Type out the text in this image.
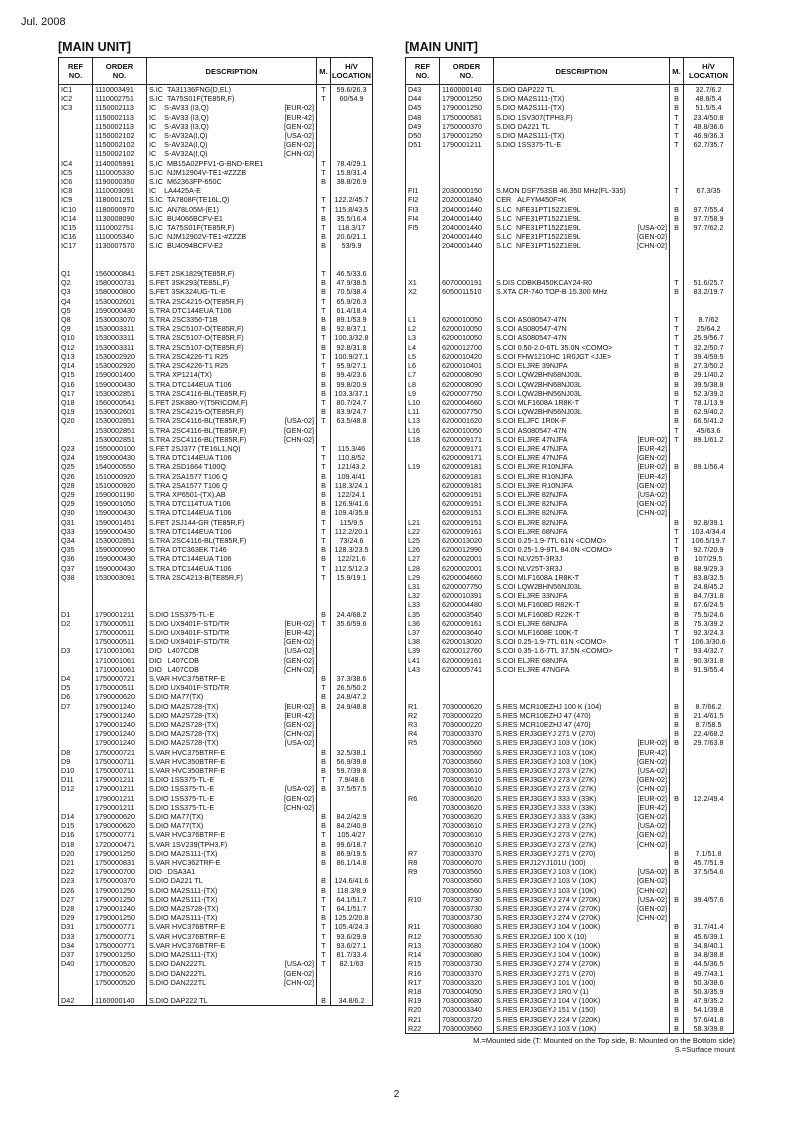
Jul. 2008
[MAIN UNIT]
REF
NO.	ORDER
NO.	DESCRIPTION	M.	H/V
LOCATION
IC1	1110003491	S.IC  TA31136FNG(D,EL)	T	59.6/26.3
IC2	1110002751	S.IC  TA75S01F(TE85R,F)	T	60/54.9
IC3	1150002113	IC    S-AV33 (I3,Q) [EUR-02]		

	1150002113	IC    S-AV33 (I3,Q) [EUR-42]		

	1150002113	IC    S-AV33 (I3,Q) [GEN-02]		

	1150002102	IC    S-AV32A(I,Q) [USA-02]		

	1150002102	IC    S-AV32A(I,Q) [GEN-02]		

	1150002102	IC    S-AV32A(I,Q) [CHN-02]		

IC4	1140005991	S.IC  MB15A02PFV1-G-BND-ERE1	T	78.4/29.1
IC5	1110005330	S.IC  NJM12904V-TE1-#ZZZB	T	15.8/31.4
IC6	1190000350	S.IC  M62363FP-650C	B	38.8/26.9
IC8	1110003091	IC    LA4425A-E		

IC9	1180001251	S.IC  TA7808F(TE16L,Q)	T	122.2/45.7
IC10	1180000970	S.IC  AN78L05M-(E1)	T	115.8/43.5
IC14	1130008090	S.IC  BU4066BCFV-E1	B	35.5/16.4
IC15	1110002751	S.IC  TA75S01F(TE85R,F)	T	118.3/17
IC16	1110005340	S.IC  NJM12902V-TE1-#ZZZB	B	20.6/21.1
IC17	1130007570	S.IC  BU4094BCFV-E2	B	53/9.9

Q1	1560000841	S.FET 2SK1829(TE85R,F)	T	46.5/33.6
Q2	1580000731	S.FET 3SK293(TE85L,F)	B	47.9/38.5
Q3	1580000800	S.FET 3SK324UG-TL-E	B	70.5/38.4
Q4	1530002601	S.TRA 2SC4215-O(TE85R,F)	T	65.9/26.3
Q5	1590000430	S.TRA DTC144EUA T106	T	61.4/18.4
Q8	1530003070	S.TRA 2SC3356-T1B	B	89.1/53.9
Q9	1530003311	S.TRA 2SC5107-O(TE85R,F)	B	92.8/37.1
Q10	1530003311	S.TRA 2SC5107-O(TE85R,F)	T	100.3/32.8
Q12	1530003311	S.TRA 2SC5107-O(TE85R,F)	B	92.8/31.8
Q13	1530002920	S.TRA 2SC4226-T1 R25	T	100.9/27.1
Q14	1530002920	S.TRA 2SC4226-T1 R25	T	95.9/27.1
Q15	1590001400	S.TRA XP1214(TX)	B	99.4/23.6
Q16	1590000430	S.TRA DTC144EUA T106	B	99.8/20.9
Q17	1530002851	S.TRA 2SC4116-BL(TE85R,F)	B	103.3/37.1
Q18	1560000541	S.FET 2SK880-Y(T5RICOM,F)	T	80.7/24.7
Q19	1530002601	S.TRA 2SC4215-O(TE85R,F)	B	83.9/24.7
Q20	1530002851	S.TRA 2SC4116-BL(TE85R,F) [USA-02]	T	63.5/48.8
	1530002851	S.TRA 2SC4116-BL(TE85R,F) [GEN-02]		

	1530002851	S.TRA 2SC4116-BL(TE85R,F) [CHN-02]		

Q23	1550000100	S.FET 2SJ377 (TE16L1,NQ)	T	115.3/46
Q24	1590000430	S.TRA DTC144EUA T106	T	110.8/52
Q25	1540000550	S.TRA 2SD1664 T100Q	T	121/43.2
Q26	1510000920	S.TRA 2SA1577 T106 Q	B	109.4/41
Q28	1510000920	S.TRA 2SA1577 T106 Q	B	118.3/24.1
Q29	1590001190	S.TRA XP6501-(TX).AB	B	122/24.1
Q29	1590001050	S.TRA DTC114TUA T106	B	126.9/41.6
Q30	1590000430	S.TRA DTC144EUA T106	B	109.4/35.8
Q31	1590001451	S.FET 2SJ144-GR (TE85R,F)	T	115/9.5
Q33	1590000430	S.TRA DTC144EUA T106	T	112.2/20.1
Q34	1530002851	S.TRA 2SC4116-BL(TE85R,F)	T	73/24.6
Q35	1590000990	S.TRA DTC363EK T146	B	128.3/23.5
Q36	1590000430	S.TRA DTC144EUA T106	B	122/21.6
Q37	1590000430	S.TRA DTC144EUA T106	T	112.5/12.3
Q38	1530003091	S.TRA 2SC4213-B(TE85R,F)	T	15.9/19.1

D1	1790001211	S.DIO 1SS375-TL-E	B	24.4/68.2
D2	1750000511	S.DIO UX9401F-STD/TR [EUR-02]	T	35.6/59.6
	1750000511	S.DIO UX9401F-STD/TR [EUR-42]		

	1750000511	S.DIO UX9401F-STD/TR [GEN-02]		

D3	1710001061	DIO   L407CDB [USA-02]		

	1710001061	DIO   L407CDB [GEN-02]		

	1710001061	DIO   L407CDB [CHN-02]		

D4	1750000721	S.VAR HVC375BTRF-E	B	37.3/38.6
D5	1750000511	S.DIO UX9401F-STD/TR	T	26.5/50.2
D6	1790000620	S.DIO MA77(TX)	B	24.8/47.2
D7	1790001240	S.DIO MA2S728-(TX) [EUR-02]	B	24.9/48.8
	1790001240	S.DIO MA2S728-(TX) [EUR-42]		

	1790001240	S.DIO MA2S728-(TX) [GEN-02]		

	1790001240	S.DIO MA2S728-(TX) [CHN-02]		

	1790001240	S.DIO MA2S728-(TX) [USA-02]		

D8	1750000721	S.VAR HVC375BTRF-E	B	32.5/38.1
D9	1750000711	S.VAR HVC350BTRF-E	B	56.9/39.8
D10	1750000711	S.VAR HVC350BTRF-E	B	59.7/39.8
D11	1790001211	S.DIO 1SS375-TL-E	T	7.9/48.6
D12	1790001211	S.DIO 1SS375-TL-E [USA-02]	B	37.5/57.5
	1790001211	S.DIO 1SS375-TL-E [GEN-02]		

	1790001211	S.DIO 1SS375-TL-E [CHN-02]		

D14	1790000620	S.DIO MA77(TX)	B	84.2/42.9
D15	1790000620	S.DIO MA77(TX)	B	84.2/40.9
D16	1750000771	S.VAR HVC376BTRF-E	T	105.4/27
D18	1720000471	S.VAR 1SV239(TPH3,F)	B	99.6/18.7
D20	1790001250	S.DIO MA2S111-(TX)	B	86.9/19.5
D21	1750000831	S.VAR HVC362TRF-E	B	86.1/14.8
D22	1790000700	DIO   DSA3A1		

D23	1750000370	S.DIO DA221 TL	B	124.6/41.6
D26	1790001250	S.DIO MA2S111-(TX)	B	118.3/8.9
D27	1790001250	S.DIO MA2S111-(TX)	T	64.1/51.7
D28	1790001240	S.DIO MA2S728-(TX)	T	64.1/51.7
D29	1790001250	S.DIO MA2S111-(TX)	B	125.2/20.8
D31	1750000771	S.VAR HVC376BTRF-E	T	105.4/24.3
D33	1750000771	S.VAR HVC376BTRF-E	T	93.6/29.9
D34	1750000771	S.VAR HVC376BTRF-E	T	93.6/27.1
D37	1790001250	S.DIO MA2S111-(TX)	T	81.7/33.4
D40	1750000520	S.DIO DAN222TL [USA-02]	T	82.1/63
	1750000520	S.DIO DAN222TL [GEN-02]		

	1750000520	S.DIO DAN222TL [CHN-02]		

D42	1160000140	S.DIO DAP222 TL	B	34.8/6.2
[MAIN UNIT]
REF
NO.	ORDER
NO.	DESCRIPTION	M.	H/V
LOCATION
D43	1160000140	S.DIO DAP222 TL	B	32.7/6.2
D44	1790001250	S.DIO MA2S111-(TX)	B	48.8/5.4
D45	1790001250	S.DIO MA2S111-(TX)	B	51.5/5.4
D48	1750000581	S.DIO 1SV307(TPH3,F)	T	23.4/50.8
D49	1750000370	S.DIO DA221 TL	T	48.8/36.6
D50	1790001250	S.DIO MA2S111-(TX)	T	46.9/36.3
D51	1790001211	S.DIO 1SS375-TL-E	T	62.7/35.7

FI1	2030000150	S.MON DSF753SB 46.350 MHz(FL-335)	T	67.3/35
FI2	2020001840	CER   ALFYM450F=K		

FI3	2040001440	S.LC  NFE31PT152Z1E9L	B	97.7/55.4
FI4	2040001440	S.LC  NFE31PT152Z1E9L	B	97.7/58.9
FI5	2040001440	S.LC  NFE31PT152Z1E9L [USA-02]	B	97.7/62.2
	2040001440	S.LC  NFE31PT152Z1E9L [GEN-02]		

	2040001440	S.LC  NFE31PT152Z1E9L [CHN-02]		

X1	6070000191	S.DIS CDBKB450KCAY24-R0	T	51.6/25.7
X2	6050011510	S.XTA CR-740 TOP-B 15.300 MHz	B	83.2/19.7

L1	6200010050	S.COI AS080547-47N	T	8.7/62
L2	6200010050	S.COI AS080547-47N	T	25/64.2
L3	6200010050	S.COI AS080547-47N	T	25.9/56.7
L4	6200012700	S.COI 0.50-2.0-6TL 35.0N <COMO>	T	32.2/50.7
L5	6200010420	S.COI FHW1210HC 1R0JGT <JJE>	T	39.4/59.5
L6	6200010401	S.COI ELJRE 39NJFA	B	27.3/50.2
L7	6200008090	S.COI LQW2BHN68NJ03L	B	29.1/40.2
L8	6200008090	S.COI LQW2BHN68NJ03L	B	39.5/38.8
L9	6200007750	S.COI LQW2BHN56NJ03L	B	52.3/39.2
L10	6200004660	S.COI MLF1608A 1R8K-T	T	78.1/13.9
L11	6200007750	S.COI LQW2BHN56NJ03L	B	62.9/40.2
L13	6200001620	S.COI ELJFC 1R0K-F	B	66.5/41.2
L16	6200010050	S.COI AS080547-47N	T	45/63.6
L18	6200009171	S.COI ELJRE 47NJFA [EUR-02]	T	89.1/61.2
	6200009171	S.COI ELJRE 47NJFA [EUR-42]		

	6200009171	S.COI ELJRE 47NJFA [GEN-02]		

L19	6200009181	S.COI ELJRE R10NJFA [EUR-02]	B	89.1/56.4
	6200009181	S.COI ELJRE R10NJFA [EUR-42]		

	6200009181	S.COI ELJRE R10NJFA [GEN-02]		

	6200009151	S.COI ELJRE 82NJFA [USA-02]		

	6200009151	S.COI ELJRE 82NJFA [GEN-02]		

	6200009151	S.COI ELJRE 82NJFA [CHN-02]		

L21	6200009151	S.COI ELJRE 82NJFA	B	92.8/39.1
L22	6200009161	S.COI ELJRE 68NJFA	T	103.4/34.4
L25	6200013020	S.COI 0.25-1.9-7TL 61N <COMO>	T	106.5/19.7
L26	6200012990	S.COI 0.25-1.9-9TL 84.0N <COMO>	T	92.7/20.9
L27	6200002001	S.COI NLV25T-3R3J	B	107/29.5
L28	6200002001	S.COI NLV25T-3R3J	B	88.9/29.3
L29	6200004660	S.COI MLF1608A 1R8K-T	T	83.8/32.5
L31	6200007750	S.COI LQW2BHN56NJ03L	B	24.8/45.2
L32	6200010391	S.COI ELJRE 33NJFA	B	84.7/31.8
L33	6200004480	S.COI MLF1608D R82K-T	B	67.6/24.5
L35	6200003540	S.COI MLF1608D R22K-T	B	75.5/24.6
L36	6200009161	S.COI ELJRE 68NJFA	B	75.3/39.2
L37	6200003640	S.COI MLF1608E 100K-T	T	92.3/24.3
L38	6200013020	S.COI 0.25-1.9-7TL 61N <COMO>	T	106.3/30.6
L39	6200012760	S.COI 0.35-1.6-7TL 37.5N <COMO>	T	93.4/32.7
L41	6200009161	S.COI ELJRE 68NJFA	B	90.3/31.8
L43	6200005741	S.COI ELJRE 47NGFA	B	91.9/55.4

R1	7030000620	S.RES MCR10EZHJ 100 K (104)	B	8.7/66.2
R2	7030000220	S.RES MCR10EZHJ 47 (470)	B	21.4/61.5
R3	7030000220	S.RES MCR10EZHJ 47 (470)	B	8.7/58.5
R4	7030003370	S.RES ERJ3GEYJ 271 V (270)	B	22.4/68.2
R5	7030003560	S.RES ERJ3GEYJ 103 V (10K) [EUR-02]	B	29.7/63.8
	7030003560	S.RES ERJ3GEYJ 103 V (10K) [EUR-42]		

	7030003560	S.RES ERJ3GEYJ 103 V (10K) [GEN-02]		

	7030003610	S.RES ERJ3GEYJ 273 V (27K) [USA-02]		

	7030003610	S.RES ERJ3GEYJ 273 V (27K) [GEN-02]		

	7030003610	S.RES ERJ3GEYJ 273 V (27K) [CHN-02]		

R6	7030003620	S.RES ERJ3GEYJ 333 V (33K) [EUR-02]	B	12.2/49.4
	7030003620	S.RES ERJ3GEYJ 333 V (33K) [EUR-42]		

	7030003620	S.RES ERJ3GEYJ 333 V (33K) [GEN-02]		

	7030003610	S.RES ERJ3GEYJ 273 V (27K) [USA-02]		

	7030003610	S.RES ERJ3GEYJ 273 V (27K) [GEN-02]		

	7030003610	S.RES ERJ3GEYJ 273 V (27K) [CHN-02]		

R7	7030003370	S.RES ERJ3GEYJ 271 V (270)	B	7.1/51.8
R8	7030006070	S.RES ERJ12YJ101U (100)	B	45.7/51.9
R9	7030003560	S.RES ERJ3GEYJ 103 V (10K) [USA-02]	B	37.5/54.6
	7030003560	S.RES ERJ3GEYJ 103 V (10K) [GEN-02]		

	7030003560	S.RES ERJ3GEYJ 103 V (10K) [CHN-02]		

R10	7030003730	S.RES ERJ3GEYJ 274 V (270K) [USA-02]	B	39.4/57.6
	7030003730	S.RES ERJ3GEYJ 274 V (270K) [GEN-02]		

	7030003730	S.RES ERJ3GEYJ 274 V (270K) [CHN-02]		

R11	7030003680	S.RES ERJ3GEYJ 104 V (100K)	B	31.7/41.4
R12	7030005530	S.RES ERJ2GEJ 100 X (10)	B	45.6/39.1
R13	7030003680	S.RES ERJ3GEYJ 104 V (100K)	B	34.8/40.1
R14	7030003680	S.RES ERJ3GEYJ 104 V (100K)	B	34.8/38.8
R15	7030003730	S.RES ERJ3GEYJ 274 V (270K)	B	44.5/36.5
R16	7030003370	S.RES ERJ3GEYJ 271 V (270)	B	49.7/43.1
R17	7030003320	S.RES ERJ3GEYJ 101 V (100)	B	50.3/38.6
R18	7030004050	S.RES ERJ3GEYJ 1R0 V (1)	B	50.3/35.9
R19	7030003680	S.RES ERJ3GEYJ 104 V (100K)	B	47.9/35.2
R20	7030003340	S.RES ERJ3GEYJ 151 V (150)	B	54.1/39.8
R21	7030003720	S.RES ERJ3GEYJ 224 V (220K)	B	57.6/41.8
R22	7030003560	S.RES ERJ3GEYJ 103 V (10K)	B	58.3/39.8
M.=Mounted side (T: Mounted on the Top side, B: Mounted on the Bottom side)
S.=Surface mount
2
